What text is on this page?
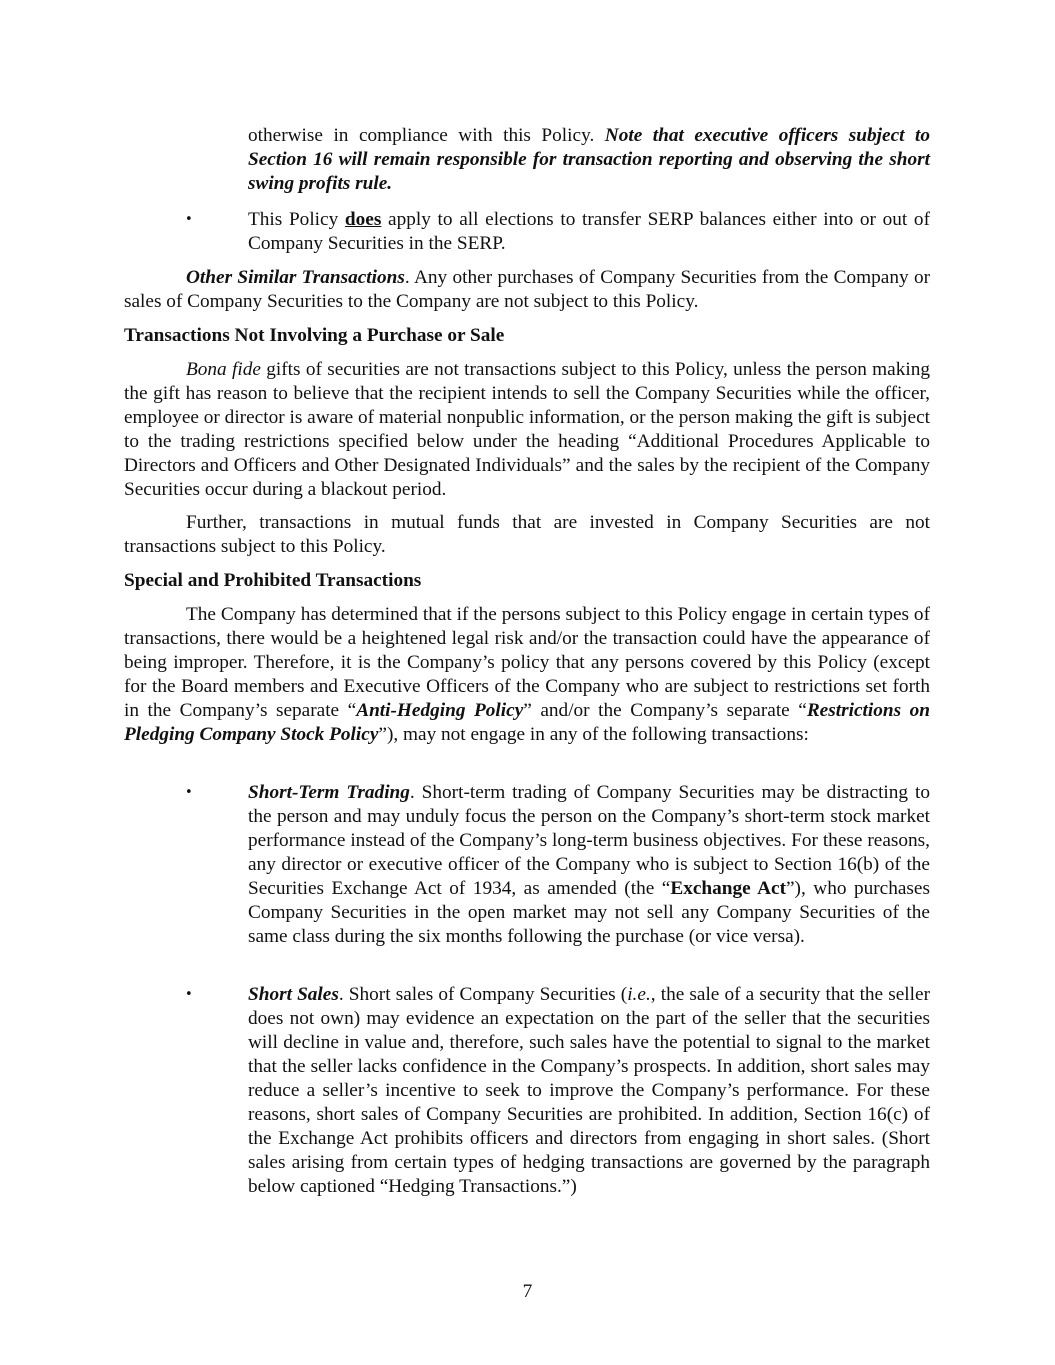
otherwise in compliance with this Policy. Note that executive officers subject to Section 16 will remain responsible for transaction reporting and observing the short swing profits rule.

•	This Policy does apply to all elections to transfer SERP balances either into or out of Company Securities in the SERP.

Other Similar Transactions. Any other purchases of Company Securities from the Company or sales of Company Securities to the Company are not subject to this Policy.

Transactions Not Involving a Purchase or Sale

Bona fide gifts of securities are not transactions subject to this Policy, unless the person making the gift has reason to believe that the recipient intends to sell the Company Securities while the officer, employee or director is aware of material nonpublic information, or the person making the gift is subject to the trading restrictions specified below under the heading “Additional Procedures Applicable to Directors and Officers and Other Designated Individuals” and the sales by the recipient of the Company Securities occur during a blackout period.

Further, transactions in mutual funds that are invested in Company Securities are not transactions subject to this Policy.

Special and Prohibited Transactions

The Company has determined that if the persons subject to this Policy engage in certain types of transactions, there would be a heightened legal risk and/or the transaction could have the appearance of being improper. Therefore, it is the Company’s policy that any persons covered by this Policy (except for the Board members and Executive Officers of the Company who are subject to restrictions set forth in the Company’s separate “Anti-Hedging Policy” and/or the Company’s separate “Restrictions on Pledging Company Stock Policy”), may not engage in any of the following transactions:

•	Short-Term Trading. Short-term trading of Company Securities may be distracting to the person and may unduly focus the person on the Company’s short-term stock market performance instead of the Company’s long-term business objectives. For these reasons, any director or executive officer of the Company who is subject to Section 16(b) of the Securities Exchange Act of 1934, as amended (the “Exchange Act”), who purchases Company Securities in the open market may not sell any Company Securities of the same class during the six months following the purchase (or vice versa).

•	Short Sales. Short sales of Company Securities (i.e., the sale of a security that the seller does not own) may evidence an expectation on the part of the seller that the securities will decline in value and, therefore, such sales have the potential to signal to the market that the seller lacks confidence in the Company’s prospects. In addition, short sales may reduce a seller’s incentive to seek to improve the Company’s performance. For these reasons, short sales of Company Securities are prohibited. In addition, Section 16(c) of the Exchange Act prohibits officers and directors from engaging in short sales. (Short sales arising from certain types of hedging transactions are governed by the paragraph below captioned “Hedging Transactions.”)

7
